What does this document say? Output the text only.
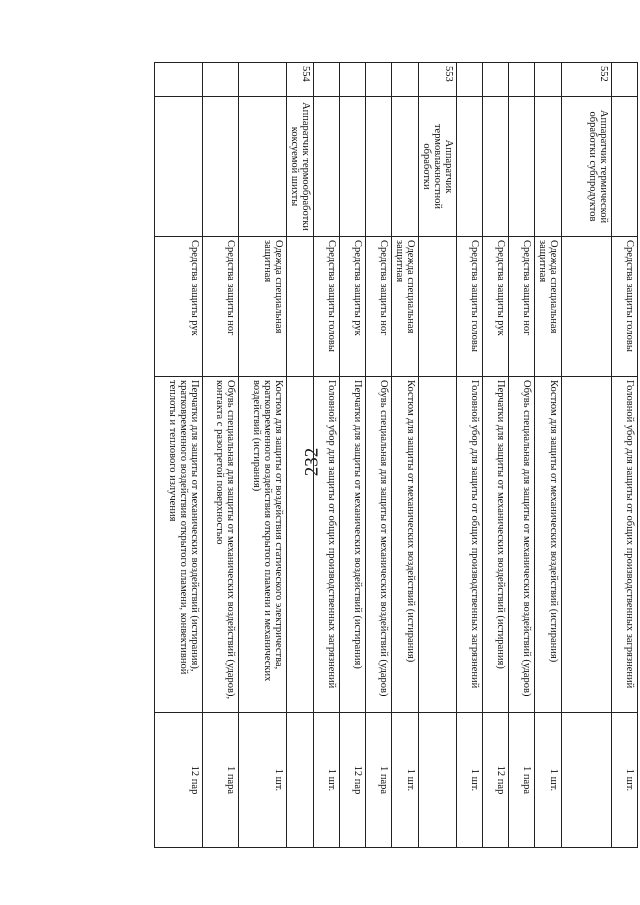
232
		Средства защиты головы	Головной убор для защиты от общих производственных загрязнений	1 шт.
552	Аппаратчик термической обработки субпродуктов			
		Одежда специальная защитная	Костюм для защиты от механических воздействий (истирания)	1 шт.
		Средства защиты ног	Обувь специальная для защиты от механических воздействий (ударов)	1 пара
		Средства защиты рук	Перчатки для защиты от механических воздействий (истирания)	12 пар
		Средства защиты головы	Головной убор для защиты от общих производственных загрязнений	1 шт.
553	Аппаратчик термовлажностной обработки			
		Одежда специальная защитная	Костюм для защиты от механических воздействий (истирания)	1 шт.
		Средства защиты ног	Обувь специальная для защиты от механических воздействий (ударов)	1 пара
		Средства защиты рук	Перчатки для защиты от механических воздействий (истирания)	12 пар
		Средства защиты головы	Головной убор для защиты от общих производственных загрязнений	1 шт.
554	Аппаратчик термообработки коксуемой шихты			
		Одежда специальная защитная	Костюм для защиты от воздействия статического электричества, кратковременного воздействия открытого пламени и механических воздействий (истирания)	1 шт.
		Средства защиты ног	Обувь специальная для защиты от механических воздействий (ударов), контакта с разогретой поверхностью	1 пара
		Средства защиты рук	Перчатки для защиты от механических воздействий (истирания), кратковременного воздействия открытого пламени, конвективной теплоты и теплового излучения	12 пар
